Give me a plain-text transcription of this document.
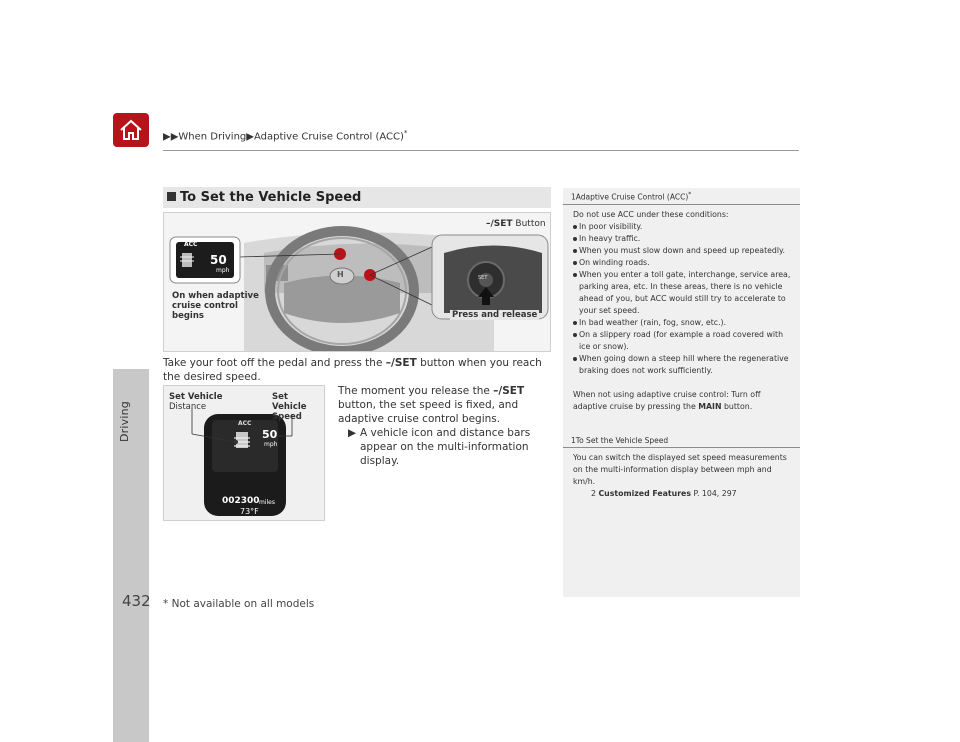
Driving
432 * Not available on all models
▶▶When Driving▶Adaptive Cruise Control (ACC)*
To Set the Vehicle Speed
ACC
50
mph	H	SET
On when adaptive
cruise control
begins
–/SET Button
Press and release
Take your foot off the pedal and press the –/SET button when you reach the desired speed.
Set Vehicle
Distance
Set Vehicle
Speed
ACC
50
mph
002300 miles
73°F
The moment you release the –/SET button, the set speed is fixed, and adaptive cruise control begins.
▶ A vehicle icon and distance bars appear on the multi-information display.
1Adaptive Cruise Control (ACC)*
Do not use ACC under these conditions:
In poor visibility.
In heavy traffic.
When you must slow down and speed up repeatedly.
On winding roads.
When you enter a toll gate, interchange, service area, parking area, etc. In these areas, there is no vehicle ahead of you, but ACC would still try to accelerate to your set speed.
In bad weather (rain, fog, snow, etc.).
On a slippery road (for example a road covered with ice or snow).
When going down a steep hill where the regenerative braking does not work sufficiently.
When not using adaptive cruise control: Turn off adaptive cruise by pressing the MAIN button.
1To Set the Vehicle Speed
You can switch the displayed set speed measurements on the multi-information display between mph and km/h.
2 Customized Features P. 104, 297
